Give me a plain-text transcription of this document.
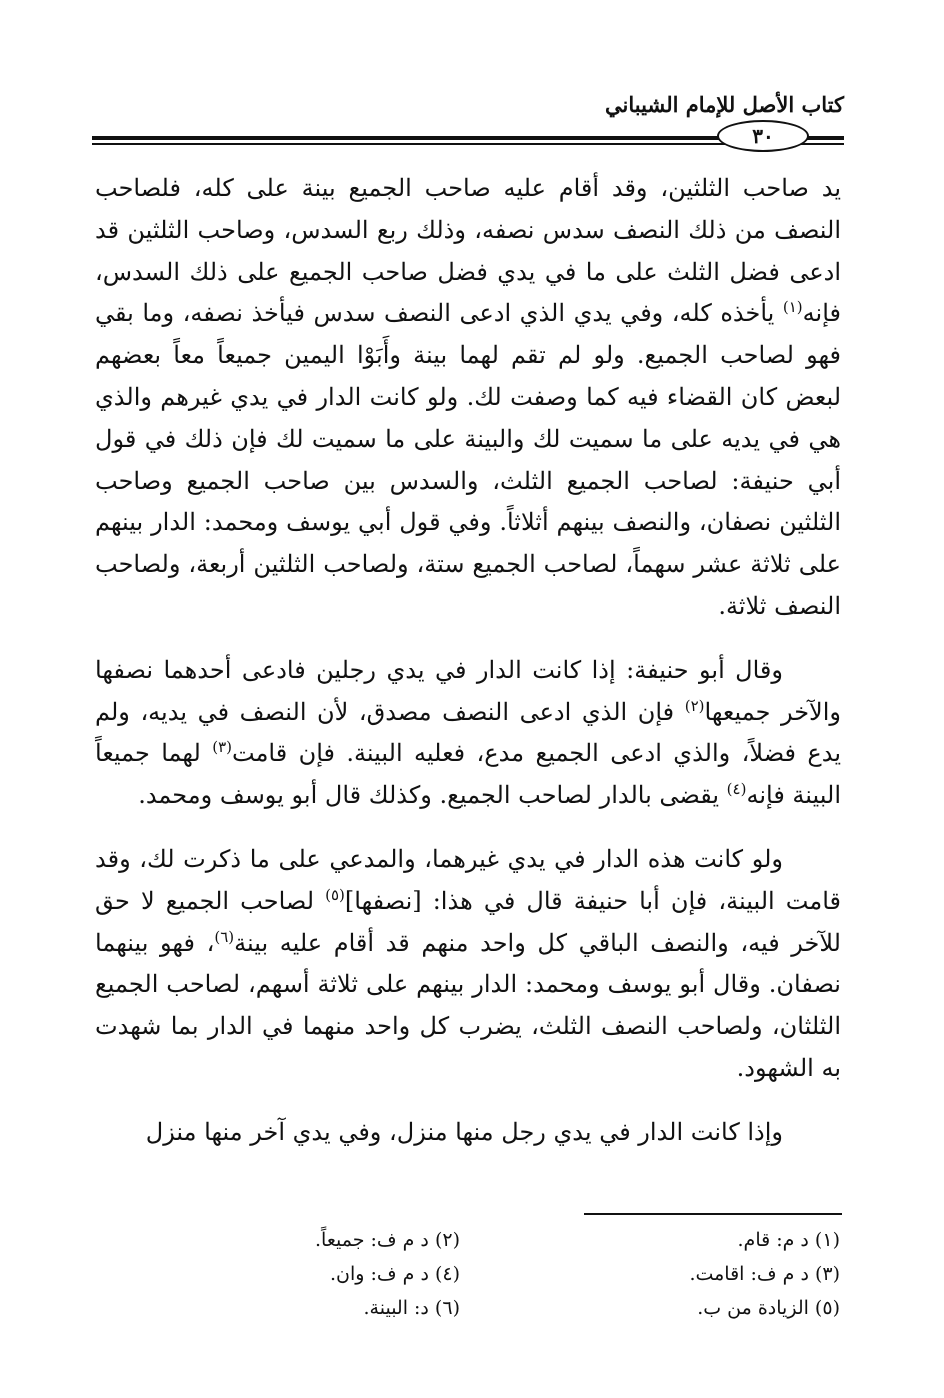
كتاب الأصل للإمام الشيباني
٣٠

يد صاحب الثلثين، وقد أقام عليه صاحب الجميع بينة على كله، فلصاحب النصف من ذلك النصف سدس نصفه، وذلك ربع السدس، وصاحب الثلثين قد ادعى فضل الثلث على ما في يدي فضل صاحب الجميع على ذلك السدس، فإنه$^{(١)}$ يأخذه كله، وفي يدي الذي ادعى النصف سدس فيأخذ نصفه، وما بقي فهو لصاحب الجميع. ولو لم تقم لهما بينة وأَبَوْا اليمين جميعاً معاً بعضهم لبعض كان القضاء فيه كما وصفت لك. ولو كانت الدار في يدي غيرهم والذي هي في يديه على ما سميت لك والبينة على ما سميت لك فإن ذلك في قول أبي حنيفة: لصاحب الجميع الثلث، والسدس بين صاحب الجميع وصاحب الثلثين نصفان، والنصف بينهم أثلاثاً. وفي قول أبي يوسف ومحمد: الدار بينهم على ثلاثة عشر سهماً، لصاحب الجميع ستة، ولصاحب الثلثين أربعة، ولصاحب النصف ثلاثة.

وقال أبو حنيفة: إذا كانت الدار في يدي رجلين فادعى أحدهما نصفها والآخر جميعها$^{(٢)}$ فإن الذي ادعى النصف مصدق، لأن النصف في يديه، ولم يدع فضلاً، والذي ادعى الجميع مدع، فعليه البينة. فإن قامت$^{(٣)}$ لهما جميعاً البينة فإنه$^{(٤)}$ يقضى بالدار لصاحب الجميع. وكذلك قال أبو يوسف ومحمد.

ولو كانت هذه الدار في يدي غيرهما، والمدعي على ما ذكرت لك، وقد قامت البينة، فإن أبا حنيفة قال في هذا: [نصفها]$^{(٥)}$ لصاحب الجميع لا حق للآخر فيه، والنصف الباقي كل واحد منهم قد أقام عليه بينة$^{(٦)}$، فهو بينهما نصفان. وقال أبو يوسف ومحمد: الدار بينهم على ثلاثة أسهم، لصاحب الجميع الثلثان، ولصاحب النصف الثلث، يضرب كل واحد منهما في الدار بما شهدت به الشهود.

وإذا كانت الدار في يدي رجل منها منزل، وفي يدي آخر منها منزل

(١) د م: قام.
(٢) د م ف: جميعاً.
(٣) د م ف: اقامت.
(٤) د م ف: وان.
(٥) الزيادة من ب.
(٦) د: البينة.
